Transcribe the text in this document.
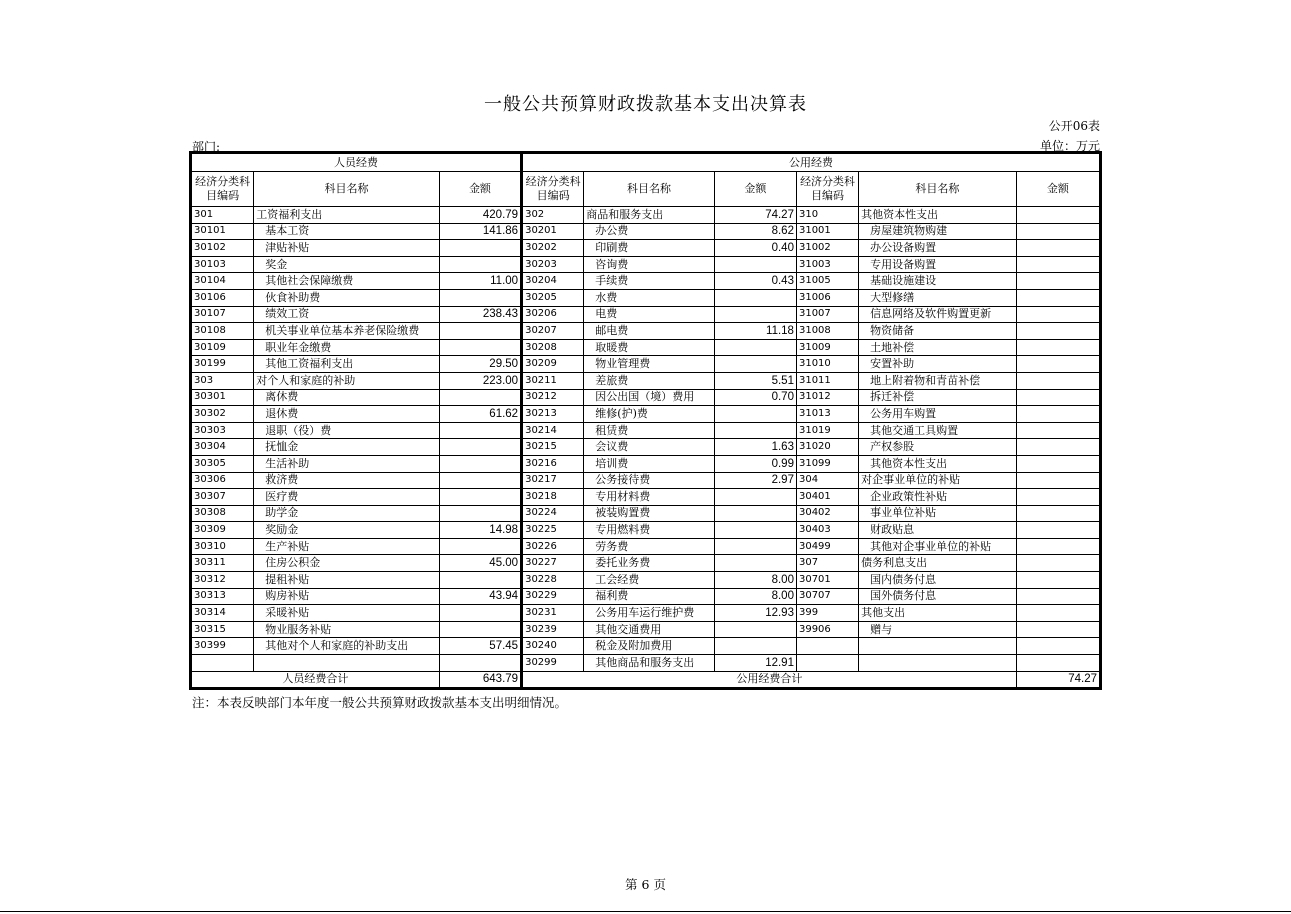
一般公共预算财政拨款基本支出决算表
公开06表
部门:	单位：万元
人员经费			公用经费					
经济分类科目编码	科目名称	金额	经济分类科目编码	科目名称	金额	经济分类科目编码	科目名称	金额
301	工资福利支出	420.79	302	商品和服务支出	74.27	310	其他资本性支出	
30101	基本工资	141.86	30201	办公费	8.62	31001	房屋建筑物购建	
30102	津贴补贴		30202	印刷费	0.40	31002	办公设备购置	
30103	奖金		30203	咨询费		31003	专用设备购置	
30104	其他社会保障缴费	11.00	30204	手续费	0.43	31005	基础设施建设	
30106	伙食补助费		30205	水费		31006	大型修缮	
30107	绩效工资	238.43	30206	电费		31007	信息网络及软件购置更新	
30108	机关事业单位基本养老保险缴费		30207	邮电费	11.18	31008	物资储备	
30109	职业年金缴费		30208	取暖费		31009	土地补偿	
30199	其他工资福利支出	29.50	30209	物业管理费		31010	安置补助	
303	对个人和家庭的补助	223.00	30211	差旅费	5.51	31011	地上附着物和青苗补偿	
30301	离休费		30212	因公出国（境）费用	0.70	31012	拆迁补偿	
30302	退休费	61.62	30213	维修(护)费		31013	公务用车购置	
30303	退职（役）费		30214	租赁费		31019	其他交通工具购置	
30304	抚恤金		30215	会议费	1.63	31020	产权参股	
30305	生活补助		30216	培训费	0.99	31099	其他资本性支出	
30306	救济费		30217	公务接待费	2.97	304	对企事业单位的补贴	
30307	医疗费		30218	专用材料费		30401	企业政策性补贴	
30308	助学金		30224	被装购置费		30402	事业单位补贴	
30309	奖励金	14.98	30225	专用燃料费		30403	财政贴息	
30310	生产补贴		30226	劳务费		30499	其他对企事业单位的补贴	
30311	住房公积金	45.00	30227	委托业务费		307	债务利息支出	
30312	提租补贴		30228	工会经费	8.00	30701	国内债务付息	
30313	购房补贴	43.94	30229	福利费	8.00	30707	国外债务付息	
30314	采暖补贴		30231	公务用车运行维护费	12.93	399	其他支出	
30315	物业服务补贴		30239	其他交通费用		39906	赠与	
30399	其他对个人和家庭的补助支出	57.45	30240	税金及附加费用				
			30299	其他商品和服务支出	12.91			
人员经费合计		643.79	公用经费合计					74.27
注：本表反映部门本年度一般公共预算财政拨款基本支出明细情况。
第 6 页
